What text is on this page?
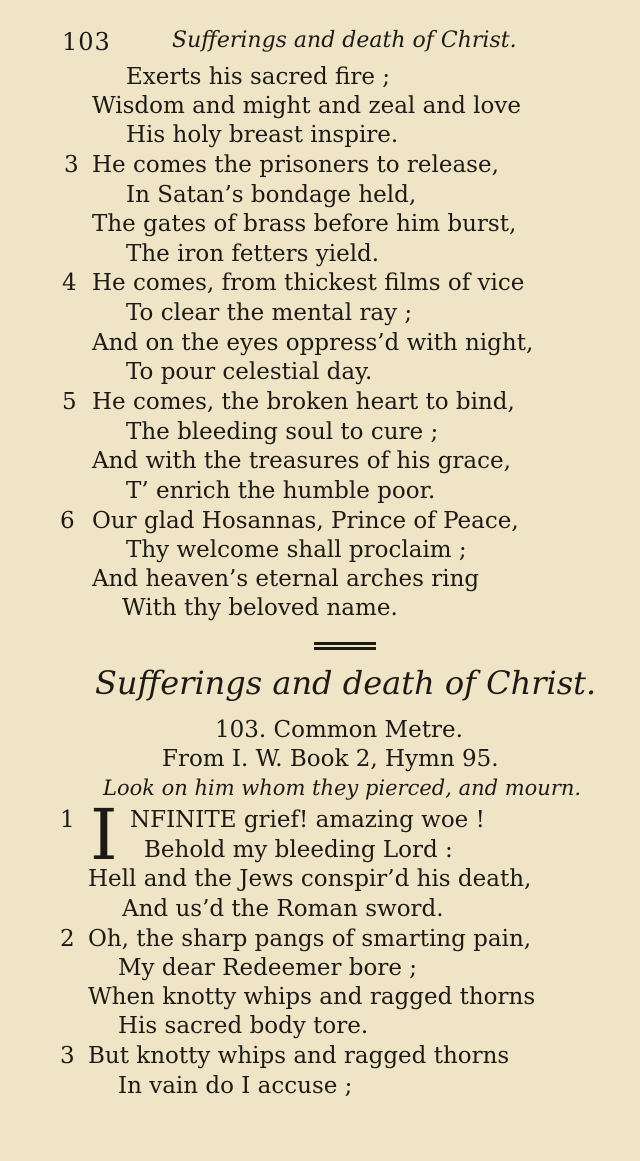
103	Sufferings and death of Christ.
Exerts his sacred fire ;
Wisdom and might and zeal and love
His holy breast inspire.
3 He comes the prisoners to release,
In Satan’s bondage held,
The gates of brass before him burst,
The iron fetters yield.
4 He comes, from thickest films of vice
To clear the mental ray ;
And on the eyes oppress’d with night,
To pour celestial day.
5 He comes, the broken heart to bind,
The bleeding soul to cure ;
And with the treasures of his grace,
T’ enrich the humble poor.
6 Our glad Hosannas, Prince of Peace,
Thy welcome shall proclaim ;
And heaven’s eternal arches ring
With thy beloved name.
Sufferings and death of Christ.
103. Common Metre.
From I. W. Book 2, Hymn 95.
Look on him whom they pierced, and mourn.
1 I NFINITE grief! amazing woe !
Behold my bleeding Lord :
Hell and the Jews conspir’d his death,
And us’d the Roman sword.
2 Oh, the sharp pangs of smarting pain,
My dear Redeemer bore ;
When knotty whips and ragged thorns
His sacred body tore.
3 But knotty whips and ragged thorns
In vain do I accuse ;
